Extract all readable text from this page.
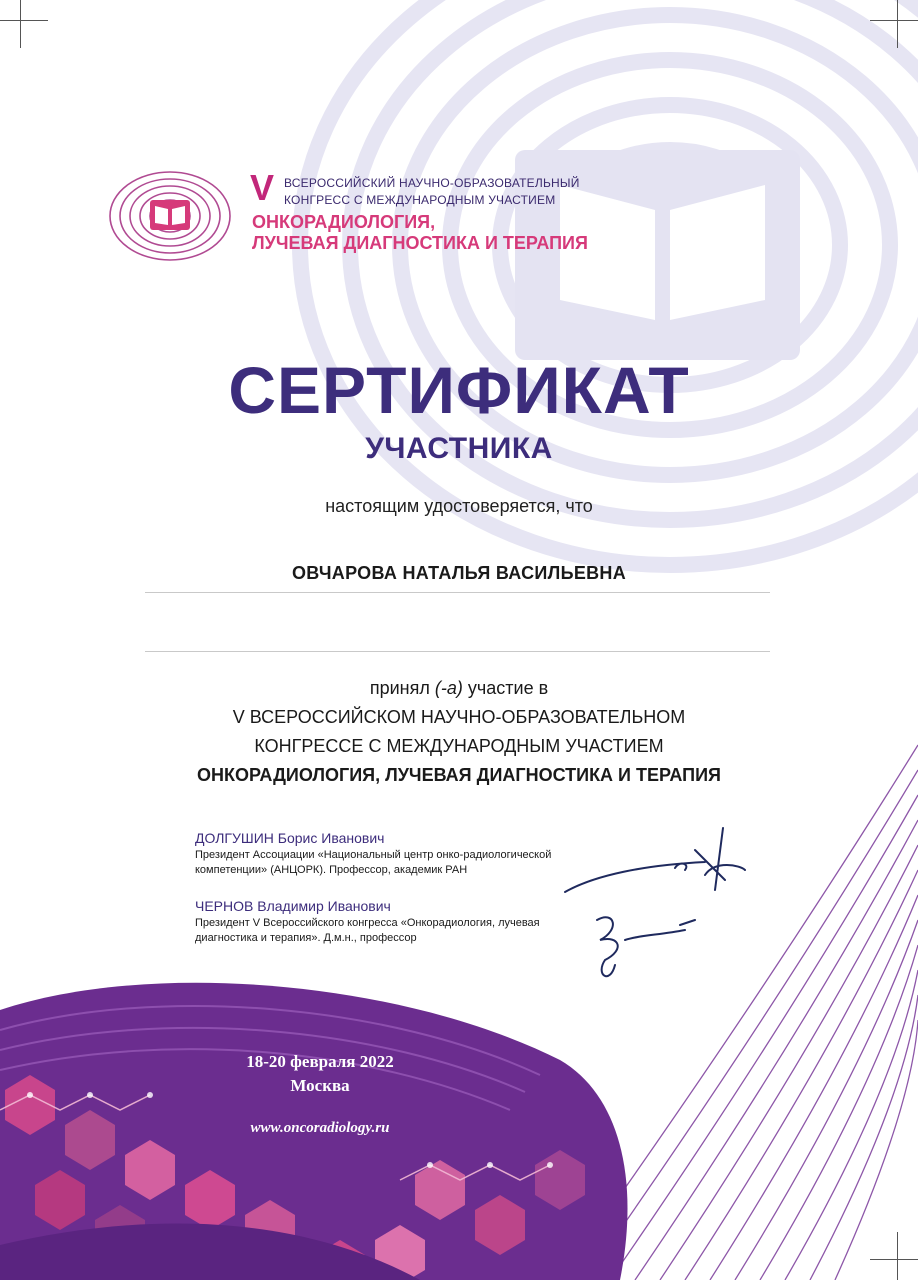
V ВСЕРОССИЙСКИЙ НАУЧНО-ОБРАЗОВАТЕЛЬНЫЙ
КОНГРЕСС С МЕЖДУНАРОДНЫМ УЧАСТИЕМ
ОНКОРАДИОЛОГИЯ,
ЛУЧЕВАЯ ДИАГНОСТИКА И ТЕРАПИЯ
СЕРТИФИКАТ
УЧАСТНИКА
настоящим удостоверяется, что
ОВЧАРОВА НАТАЛЬЯ ВАСИЛЬЕВНА
принял (-а) участие в
V ВСЕРОССИЙСКОМ НАУЧНО-ОБРАЗОВАТЕЛЬНОМ
КОНГРЕССЕ С МЕЖДУНАРОДНЫМ УЧАСТИЕМ
ОНКОРАДИОЛОГИЯ, ЛУЧЕВАЯ ДИАГНОСТИКА И ТЕРАПИЯ
ДОЛГУШИН Борис Иванович
Президент Ассоциации «Национальный центр онко-радиологической
компетенции» (АНЦОРК). Профессор, академик РАН
ЧЕРНОВ Владимир Иванович
Президент V Всероссийского конгресса «Онкорадиология, лучевая
диагностика и терапия». Д.м.н., профессор
18-20 февраля 2022
Москва
www.oncoradiology.ru
